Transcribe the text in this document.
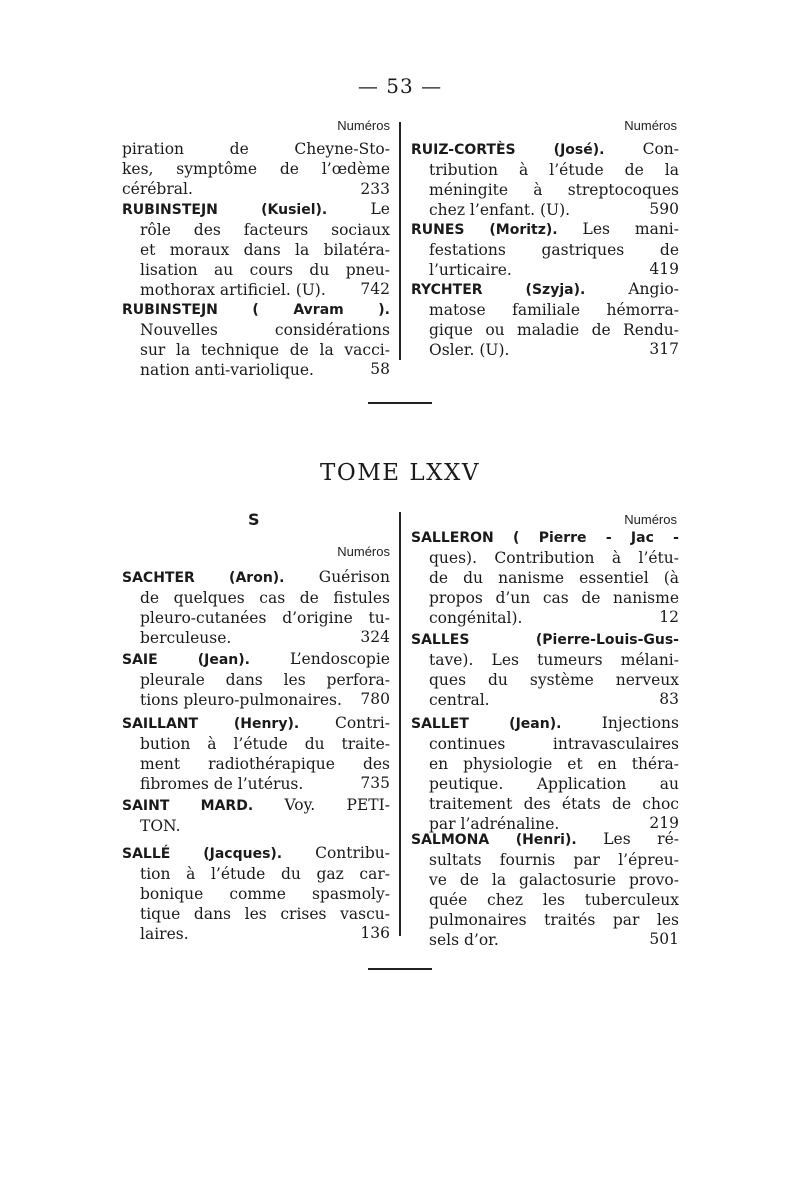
— 53 —
Numéros	Numéros
piration de Cheyne-Sto-
kes, symptôme de l’œdème
cérébral.	233
RUBINSTEJN (Kusiel). Le
rôle des facteurs sociaux
et moraux dans la bilatéra-
lisation au cours du pneu-
mothorax artificiel. (U).	742
RUBINSTEJN ( Avram ).
Nouvelles considérations
sur la technique de la vacci-
nation anti-variolique.	58
RUIZ-CORTÈS (José). Con-
tribution à l’étude de la
méningite à streptocoques
chez l’enfant. (U).	590
RUNES (Moritz). Les mani-
festations gastriques de
l’urticaire.	419
RYCHTER (Szyja). Angio-
matose familiale hémorra-
gique ou maladie de Rendu-
Osler. (U).	317
TOME LXXV
S
Numéros
Numéros
SACHTER (Aron). Guérison
de quelques cas de fistules
pleuro-cutanées d’origine tu-
berculeuse.	324
SAIE (Jean). L’endoscopie
pleurale dans les perfora-
tions pleuro-pulmonaires.	780
SAILLANT (Henry). Contri-
bution à l’étude du traite-
ment radiothérapique des
fibromes de l’utérus.	735
SAINT MARD. Voy. PETI-
TON.
SALLÉ (Jacques). Contribu-
tion à l’étude du gaz car-
bonique comme spasmoly-
tique dans les crises vascu-
laires.	136
SALLERON ( Pierre - Jac -
ques). Contribution à l’étu-
de du nanisme essentiel (à
propos d’un cas de nanisme
congénital).	12
SALLES (Pierre-Louis-Gus-
tave). Les tumeurs mélani-
ques du système nerveux
central.	83
SALLET (Jean). Injections
continues intravasculaires
en physiologie et en théra-
peutique. Application au
traitement des états de choc
par l’adrénaline.	219
SALMONA (Henri). Les ré-
sultats fournis par l’épreu-
ve de la galactosurie provo-
quée chez les tuberculeux
pulmonaires traités par les
sels d’or.	501
